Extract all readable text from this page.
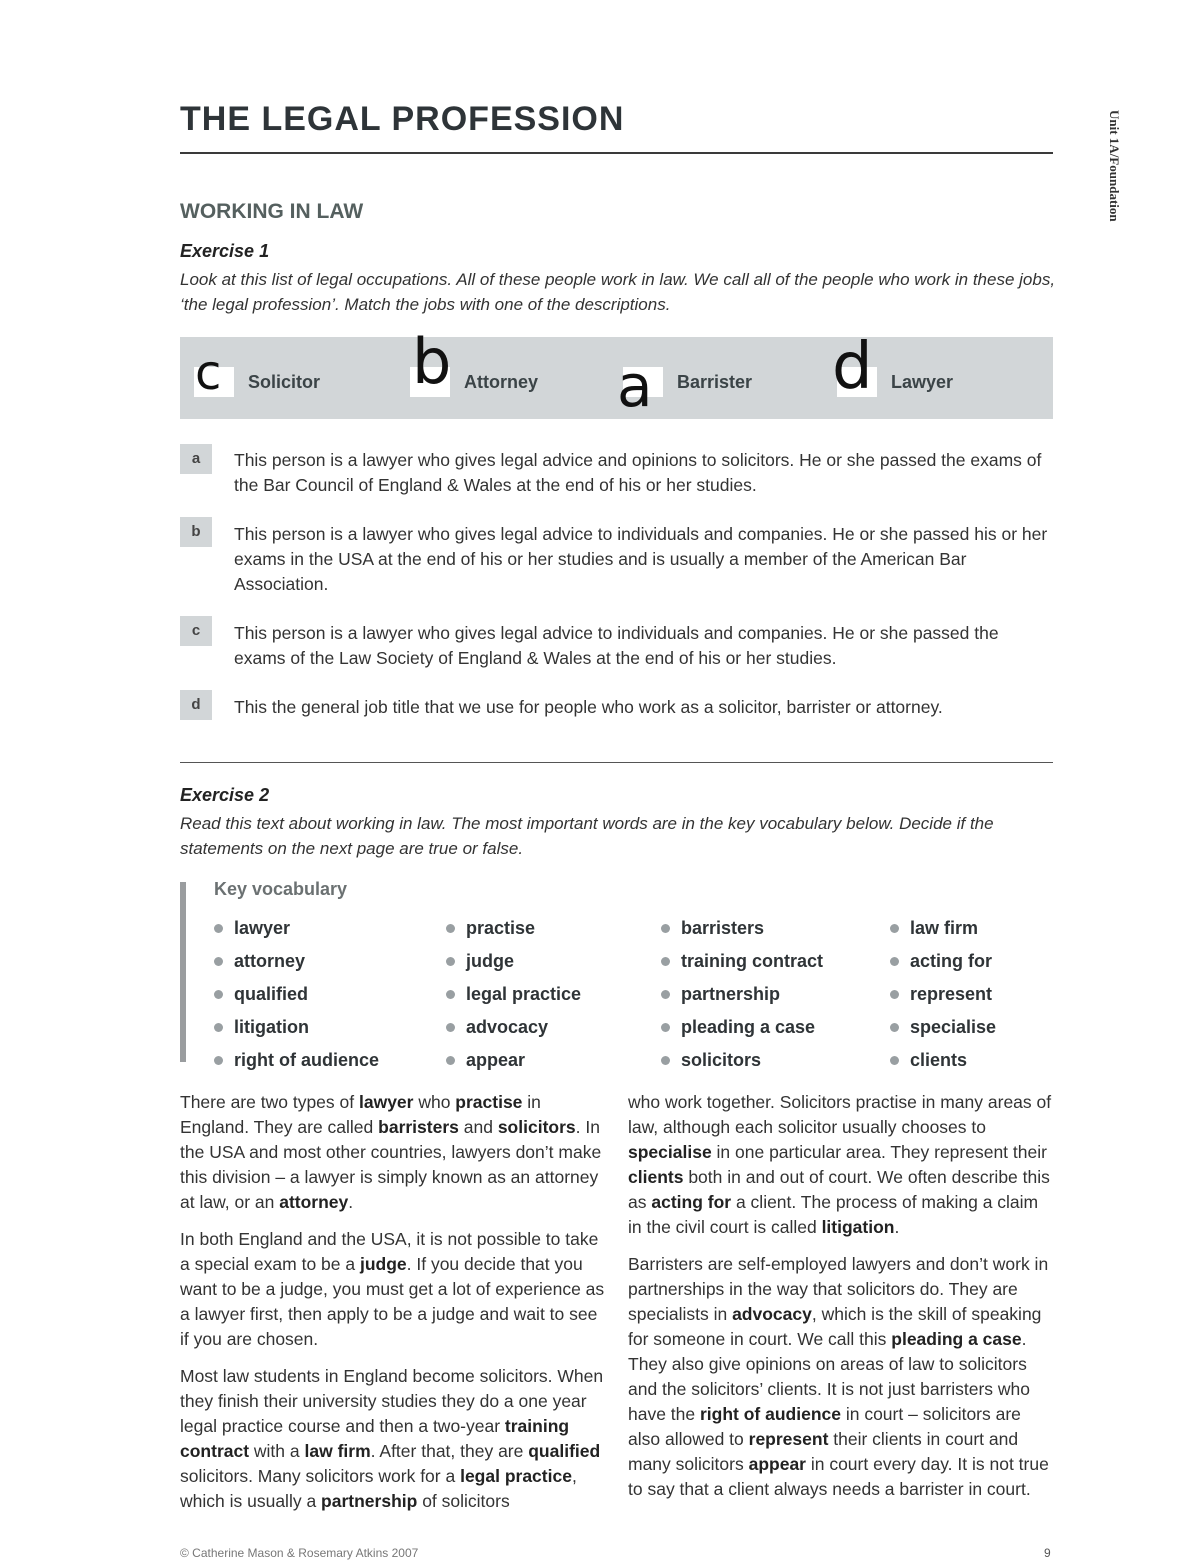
THE LEGAL PROFESSION	Unit 1A/Foundation
WORKING IN LAW
Exercise 1
Look at this list of legal occupations. All of these people work in law. We call all of the people who work in these jobs, ‘the legal profession’. Match the jobs with one of the descriptions.
Solicitor	Attorney	Barrister	Lawyer
c	b	a	d
a	This person is a lawyer who gives legal advice and opinions to solicitors. He or she passed the exams of the Bar Council of England & Wales at the end of his or her studies.
b	This person is a lawyer who gives legal advice to individuals and companies. He or she passed his or her exams in the USA at the end of his or her studies and is usually a member of the American Bar Association.
c	This person is a lawyer who gives legal advice to individuals and companies. He or she passed the exams of the Law Society of England & Wales at the end of his or her studies.
d	This the general job title that we use for people who work as a solicitor, barrister or attorney.
Exercise 2
Read this text about working in law. The most important words are in the key vocabulary below. Decide if the statements on the next page are true or false.
Key vocabulary
lawyer
attorney
qualified
litigation
right of audience
practise
judge
legal practice
advocacy
appear
barristers
training contract
partnership
pleading a case
solicitors
law firm
acting for
represent
specialise
clients

There are two types of lawyer who practise in England. They are called barristers and solicitors. In the USA and most other countries, lawyers don’t make this division – a lawyer is simply known as an attorney at law, or an attorney.

In both England and the USA, it is not possible to take a special exam to be a judge. If you decide that you want to be a judge, you must get a lot of experience as a lawyer first, then apply to be a judge and wait to see if you are chosen.

Most law students in England become solicitors. When they finish their university studies they do a one year legal practice course and then a two-year training contract with a law firm. After that, they are qualified solicitors. Many solicitors work for a legal practice, which is usually a partnership of solicitors

who work together. Solicitors practise in many areas of law, although each solicitor usually chooses to specialise in one particular area. They represent their clients both in and out of court. We often describe this as acting for a client. The process of making a claim in the civil court is called litigation.

Barristers are self-employed lawyers and don’t work in partnerships in the way that solicitors do. They are specialists in advocacy, which is the skill of speaking for someone in court. We call this pleading a case. They also give opinions on areas of law to solicitors and the solicitors’ clients. It is not just barristers who have the right of audience in court – solicitors are also allowed to represent their clients in court and many solicitors appear in court every day. It is not true to say that a client always needs a barrister in court.

© Catherine Mason & Rosemary Atkins 2007	9
